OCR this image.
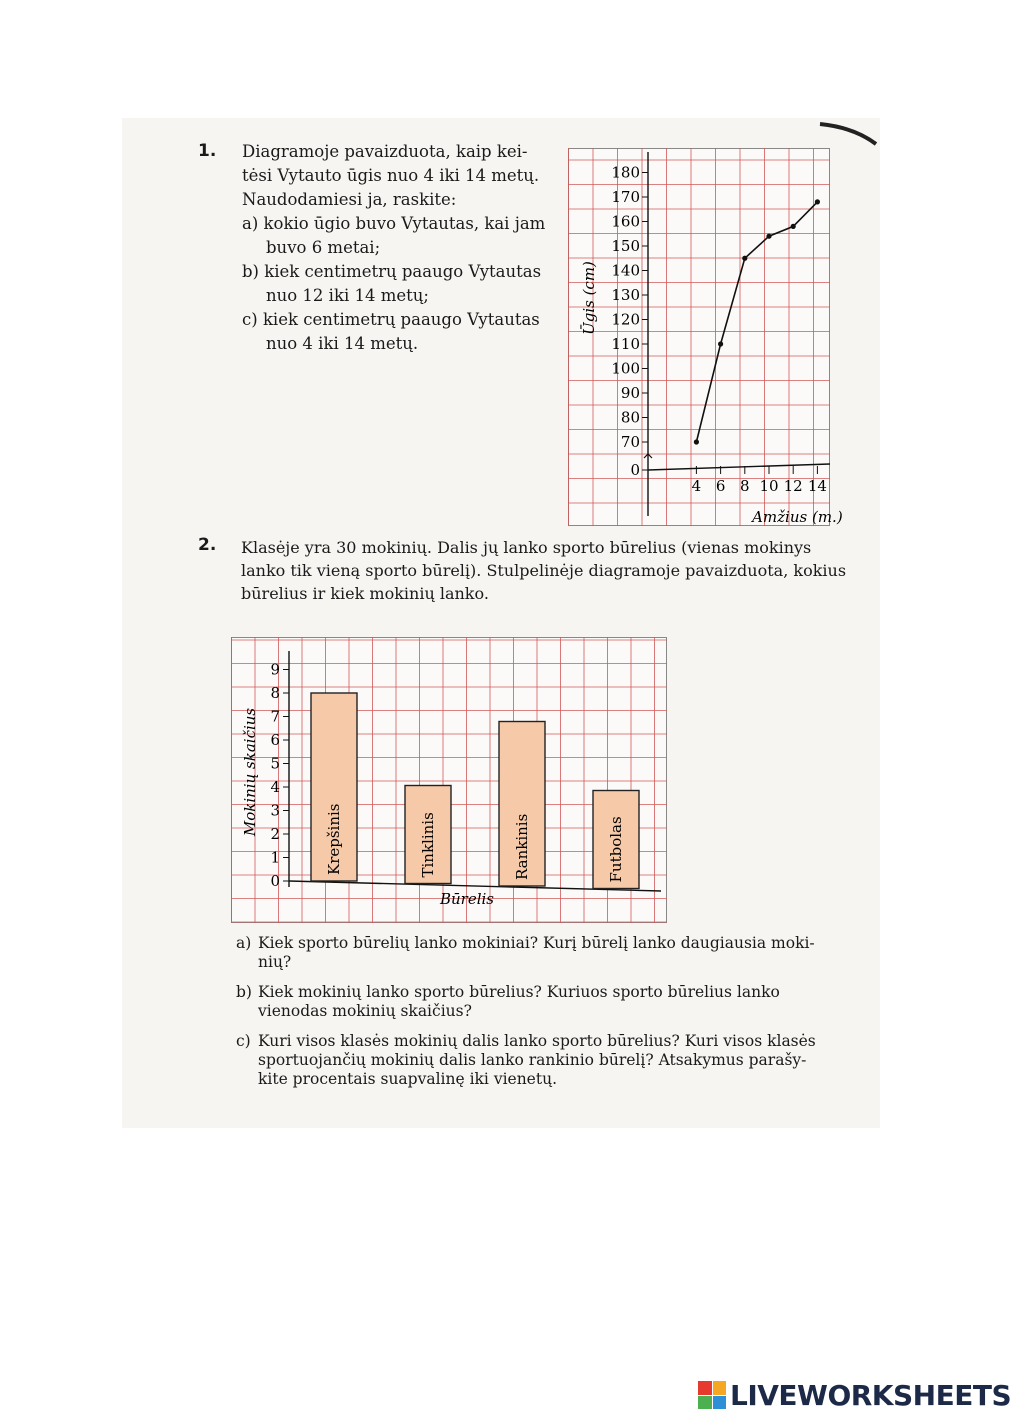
1. Diagramoje pavaizduota, kaip kei-
tėsi Vytauto ūgis nuo 4 iki 14 metų.
Naudodamiesi ja, raskite:
a) kokio ūgio buvo Vytautas, kai jam
buvo 6 metai;
b) kiek centimetrų paaugo Vytautas
nuo 12 iki 14 metų;
c) kiek centimetrų paaugo Vytautas
nuo 4 iki 14 metų.
0
70
80
90
100
110
120
130
140
150
160
170
180
4 6 8 10 12 14
Amžius (m.)
Ūgis (cm)
2. Klasėje yra 30 mokinių. Dalis jų lanko sporto būrelius (vienas mokinys
lanko tik vieną sporto būrelį). Stulpelinėje diagramoje pavaizduota, kokius
būrelius ir kiek mokinių lanko.
0
1
2
3
4
5
6
7
8
9
Mokinių skaičius
Būrelis
Krepšinis	Tinklinis	Rankinis	Futbolas
a) Kiek sporto būrelių lanko mokiniai? Kurį būrelį lanko daugiausia moki-
nių?
b) Kiek mokinių lanko sporto būrelius? Kuriuos sporto būrelius lanko
vienodas mokinių skaičius?
c) Kuri visos klasės mokinių dalis lanko sporto būrelius? Kuri visos klasės
sportuojančių mokinių dalis lanko rankinio būrelį? Atsakymus parašy-
kite procentais suapvalinę iki vienetų.
LIVEWORKSHEETS
